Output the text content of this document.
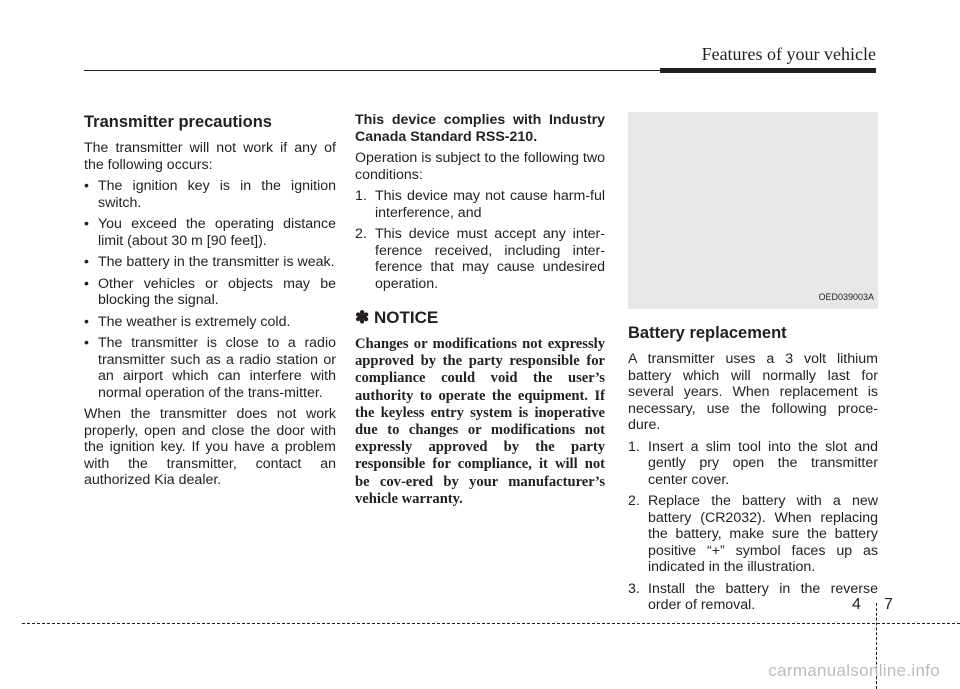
Features of your vehicle
Transmitter precautions

The transmitter will not work if any of the following occurs:

• The ignition key is in the ignition switch.
• You exceed the operating distance limit (about 30 m [90 feet]).
• The battery in the transmitter is weak.
• Other vehicles or objects may be blocking the signal.
• The weather is extremely cold.
• The transmitter is close to a radio transmitter such as a radio station or an airport which can interfere with normal operation of the trans-mitter.

When the transmitter does not work properly, open and close the door with the ignition key. If you have a problem with the transmitter, contact an authorized Kia dealer.

This device complies with Industry Canada Standard RSS-210.

Operation is subject to the following two conditions:

1. This device may not cause harm-ful interference, and
2. This device must accept any inter-ference received, including inter-ference that may cause undesired operation.
✽ NOTICE

Changes or modifications not expressly approved by the party responsible for compliance could void the user’s authority to operate the equipment. If the keyless entry system is inoperative due to changes or modifications not expressly approved by the party responsible for compliance, it will not be cov-ered by your manufacturer’s vehicle warranty.

OED039003A
Battery replacement

A transmitter uses a 3 volt lithium battery which will normally last for several years. When replacement is necessary, use the following proce-dure.

1. Insert a slim tool into the slot and gently pry open the transmitter center cover.
2. Replace the battery with a new battery (CR2032). When replacing the battery, make sure the battery positive “+” symbol faces up as indicated in the illustration.
3. Install the battery in the reverse order of removal.	4 7
carmanualsonline.info
